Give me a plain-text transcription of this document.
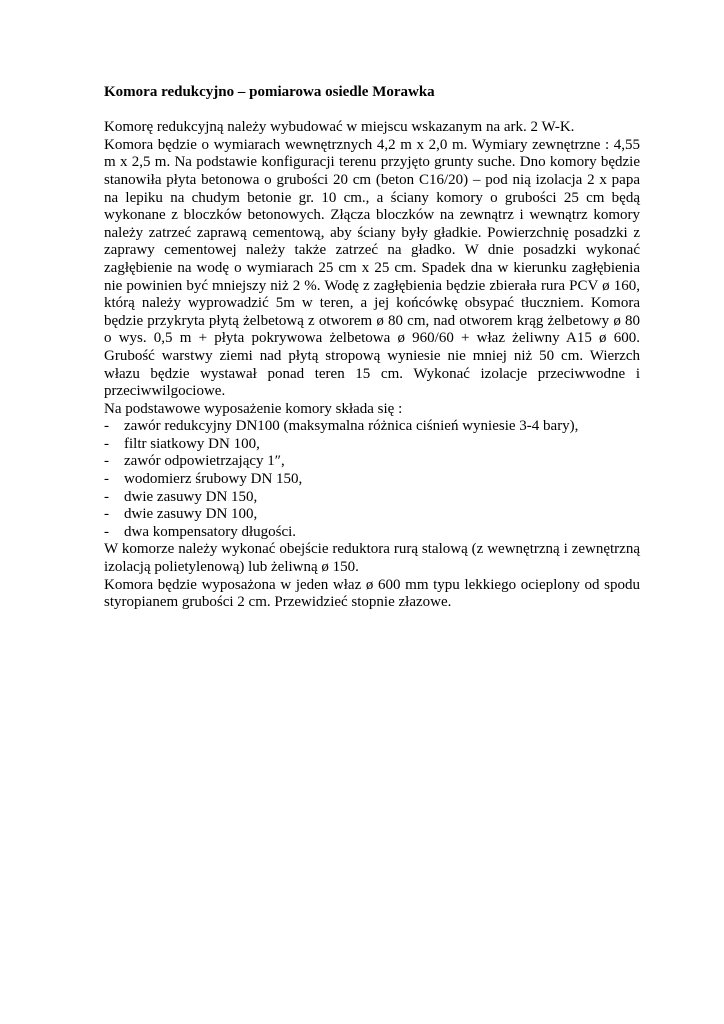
Komora redukcyjno – pomiarowa osiedle Morawka

Komorę redukcyjną należy wybudować w miejscu wskazanym na ark. 2 W-K.

Komora będzie o wymiarach wewnętrznych 4,2 m x 2,0 m. Wymiary zewnętrzne : 4,55 m x 2,5 m. Na podstawie konfiguracji terenu przyjęto grunty suche. Dno komory będzie stanowiła płyta betonowa o grubości 20 cm (beton C16/20) – pod nią izolacja 2 x papa na lepiku na chudym betonie gr. 10 cm., a ściany komory o grubości 25 cm będą wykonane z bloczków betonowych. Złącza bloczków na zewnątrz i wewnątrz komory należy zatrzeć zaprawą cementową, aby ściany były gładkie. Powierzchnię posadzki z zaprawy cementowej należy także zatrzeć na gładko. W dnie posadzki wykonać zagłębienie na wodę o wymiarach 25 cm x 25 cm. Spadek dna w kierunku zagłębienia nie powinien być mniejszy niż 2 %. Wodę z zagłębienia będzie zbierała rura PCV ø 160, którą należy wyprowadzić 5m w teren, a jej końcówkę obsypać tłuczniem. Komora będzie przykryta płytą żelbetową z otworem ø 80 cm, nad otworem krąg żelbetowy ø 80 o wys. 0,5 m + płyta pokrywowa żelbetowa ø 960/60 + właz żeliwny A15 ø 600. Grubość warstwy ziemi nad płytą stropową wyniesie nie mniej niż 50 cm. Wierzch włazu będzie wystawał ponad teren 15 cm. Wykonać izolacje przeciwwodne i przeciwwilgociowe.

Na podstawowe wyposażenie komory składa się :

- zawór redukcyjny DN100 (maksymalna różnica ciśnień wyniesie 3-4 bary),
- filtr siatkowy DN 100,
- zawór odpowietrzający 1″,
- wodomierz śrubowy DN 150,
- dwie zasuwy DN 150,
- dwie zasuwy DN 100,
- dwa kompensatory długości.

W komorze należy wykonać obejście reduktora rurą stalową (z wewnętrzną i zewnętrzną izolacją polietylenową) lub żeliwną ø 150.

Komora będzie wyposażona w jeden właz ø 600 mm typu lekkiego ocieplony od spodu styropianem grubości 2 cm. Przewidzieć stopnie złazowe.
